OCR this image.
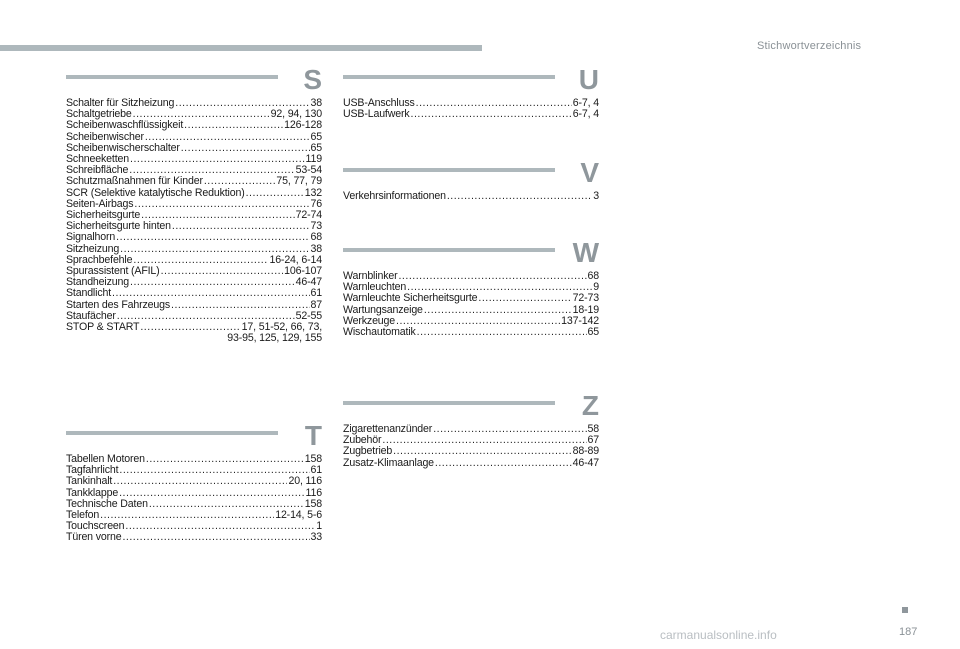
Stichwortverzeichnis
S
Schalter für Sitzheizung .....	38
Schaltgetriebe .....	92, 94, 130
Scheibenwaschflüssigkeit .....	126-128
Scheibenwischer .....	65
Scheibenwischerschalter .....	65
Schneeketten .....	119
Schreibfläche .....	53-54
Schutzmaßnahmen für Kinder .....	75, 77, 79
SCR (Selektive katalytische Reduktion) .....	132
Seiten-Airbags .....	76
Sicherheitsgurte .....	72-74
Sicherheitsgurte hinten .....	73
Signalhorn .....	68
Sitzheizung .....	38
Sprachbefehle .....	16-24, 6-14
Spurassistent (AFIL) .....	106-107
Standheizung .....	46-47
Standlicht .....	61
Starten des Fahrzeugs .....	87
Staufächer .....	52-55
STOP & START .....	17, 51-52, 66, 73,
93-95, 125, 129, 155
T
Tabellen Motoren .....	158
Tagfahrlicht .....	61
Tankinhalt .....	20, 116
Tankklappe .....	116
Technische Daten .....	158
Telefon .....	12-14, 5-6
Touchscreen .....	1
Türen vorne .....	33
U
USB-Anschluss .....	6-7, 4
USB-Laufwerk .....	6-7, 4
V
Verkehrsinformationen .....	3
W
Warnblinker .....	68
Warnleuchten .....	9
Warnleuchte Sicherheitsgurte .....	72-73
Wartungsanzeige .....	18-19
Werkzeuge .....	137-142
Wischautomatik .....	65
Z
Zigarettenanzünder .....	58
Zubehör .....	67
Zugbetrieb .....	88-89
Zusatz-Klimaanlage .....	46-47
carmanualsonline.info	187
